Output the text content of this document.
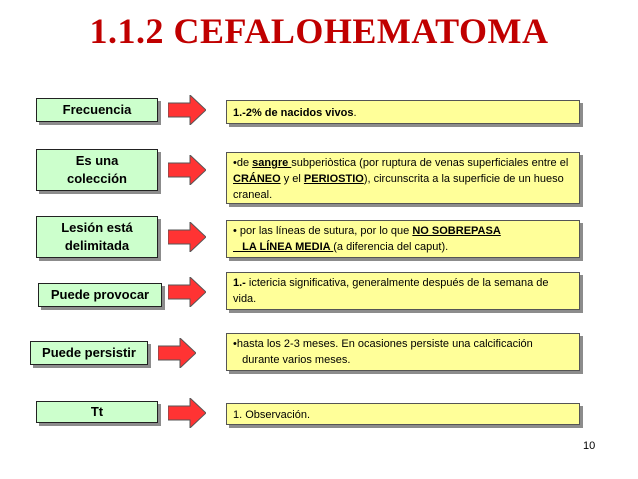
1.1.2 CEFALOHEMATOMA
Frecuencia	1.-2% de nacidos vivos.
Es una
colección
•de sangre subperiòstica (por ruptura de venas superficiales entre el CRÁNEO y el PERIOSTIO), circunscrita a la superficie de un hueso craneal.
Lesión está
delimitada
• por las líneas de sutura, por lo que NO SOBREPASA
LA LÍNEA MEDIA (a diferencia del caput).
Puede provocar
1.- ictericia significativa, generalmente después de la semana de vida.
Puede persistir
•hasta los 2-3 meses. En ocasiones persiste una calcificación
durante varios meses.
Tt	1. Observación.
10
